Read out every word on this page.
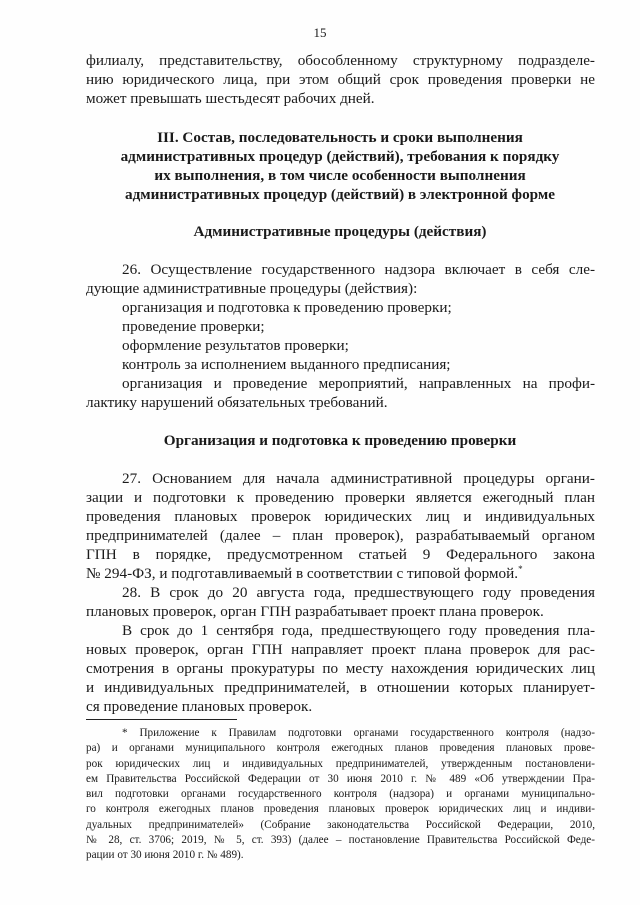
15
филиалу, представительству, обособленному структурному подразделе-
нию юридического лица, при этом общий срок проведения проверки не
может превышать шестьдесят рабочих дней.
III. Состав, последовательность и сроки выполнения
административных процедур (действий), требования к порядку
их выполнения, в том числе особенности выполнения
административных процедур (действий) в электронной форме
Административные процедуры (действия)
26. Осуществление государственного надзора включает в себя сле-
дующие административные процедуры (действия):
организация и подготовка к проведению проверки;
проведение проверки;
оформление результатов проверки;
контроль за исполнением выданного предписания;
организация и проведение мероприятий, направленных на профи-
лактику нарушений обязательных требований.
Организация и подготовка к проведению проверки
27. Основанием для начала административной процедуры органи-
зации и подготовки к проведению проверки является ежегодный план
проведения плановых проверок юридических лиц и индивидуальных
предпринимателей (далее – план проверок), разрабатываемый органом
ГПН в порядке, предусмотренном статьей 9 Федерального закона
№ 294-ФЗ, и подготавливаемый в соответствии с типовой формой.*
28. В срок до 20 августа года, предшествующего году проведения
плановых проверок, орган ГПН разрабатывает проект плана проверок.
В срок до 1 сентября года, предшествующего году проведения пла-
новых проверок, орган ГПН направляет проект плана проверок для рас-
смотрения в органы прокуратуры по месту нахождения юридических лиц
и индивидуальных предпринимателей, в отношении которых планирует-
ся проведение плановых проверок.
* Приложение к Правилам подготовки органами государственного контроля (надзо-
ра) и органами муниципального контроля ежегодных планов проведения плановых прове-
рок юридических лиц и индивидуальных предпринимателей, утвержденным постановлени-
ем Правительства Российской Федерации от 30 июня 2010 г. № 489 «Об утверждении Пра-
вил подготовки органами государственного контроля (надзора) и органами муниципально-
го контроля ежегодных планов проведения плановых проверок юридических лиц и индиви-
дуальных предпринимателей» (Собрание законодательства Российской Федерации, 2010,
№ 28, ст. 3706; 2019, № 5, ст. 393) (далее – постановление Правительства Российской Феде-
рации от 30 июня 2010 г. № 489).
